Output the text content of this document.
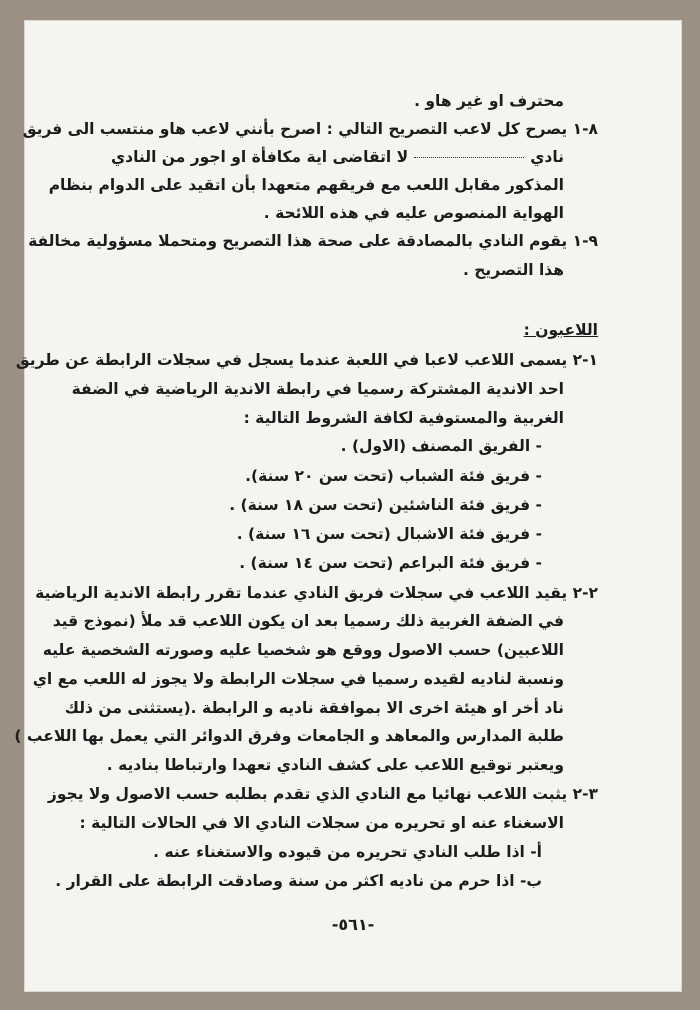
محترف او غير هاو .
٨-١ يصرح كل لاعب التصريح التالي : اصرح بأنني لاعب هاو منتسب الى فريق
ناديلا اتقاضى اية مكافأة او اجور من النادي
المذكور مقابل اللعب مع فريقهم متعهدا بأن اتقيد على الدوام بنظام
الهواية المنصوص عليه في هذه اللائحة .
٩-١ يقوم النادي بالمصادقة على صحة هذا التصريح ومتحملا مسؤولية مخالفة
هذا التصريح .
اللاعبون :
١-٢ يسمى اللاعب لاعبا في اللعبة عندما يسجل في سجلات الرابطة عن طريق
احد الاندية المشتركة رسميا في رابطة الاندية الرياضية في الضفة
الغربية والمستوفية لكافة الشروط التالية :
- الفريق المصنف (الاول) .
- فريق فئة الشباب (تحت سن ٢٠ سنة).
- فريق فئة الناشئين (تحت سن ١٨ سنة) .
- فريق فئة الاشبال (تحت سن ١٦ سنة) .
- فريق فئة البراعم (تحت سن ١٤ سنة) .
٢-٢ يقيد اللاعب في سجلات فريق النادي عندما تقرر رابطة الاندية الرياضية
في الضفة الغربية ذلك رسميا بعد ان يكون اللاعب قد ملأ (نموذج قيد
اللاعبين) حسب الاصول ووقع هو شخصيا عليه وصورته الشخصية عليه
ونسبة لناديه لقيده رسميا في سجلات الرابطة ولا يجوز له اللعب مع اي
ناد أخر او هيئة اخرى الا بموافقة ناديه و الرابطة .(يستثنى من ذلك
طلبة المدارس والمعاهد و الجامعات وفرق الدوائر التي يعمل بها اللاعب )
ويعتبر توقيع اللاعب على كشف النادي تعهدا وارتباطا بناديه .
٣-٢ يثبت اللاعب نهائيا مع النادي الذي تقدم بطلبه حسب الاصول ولا يجوز
الاسغناء عنه او تحريره من سجلات النادي الا في الحالات التالية :
أ- اذا طلب النادي تحريره من قيوده والاستغناء عنه .
ب- اذا حرم من ناديه اكثر من سنة وصادقت الرابطة على القرار .
-٥٦١-
